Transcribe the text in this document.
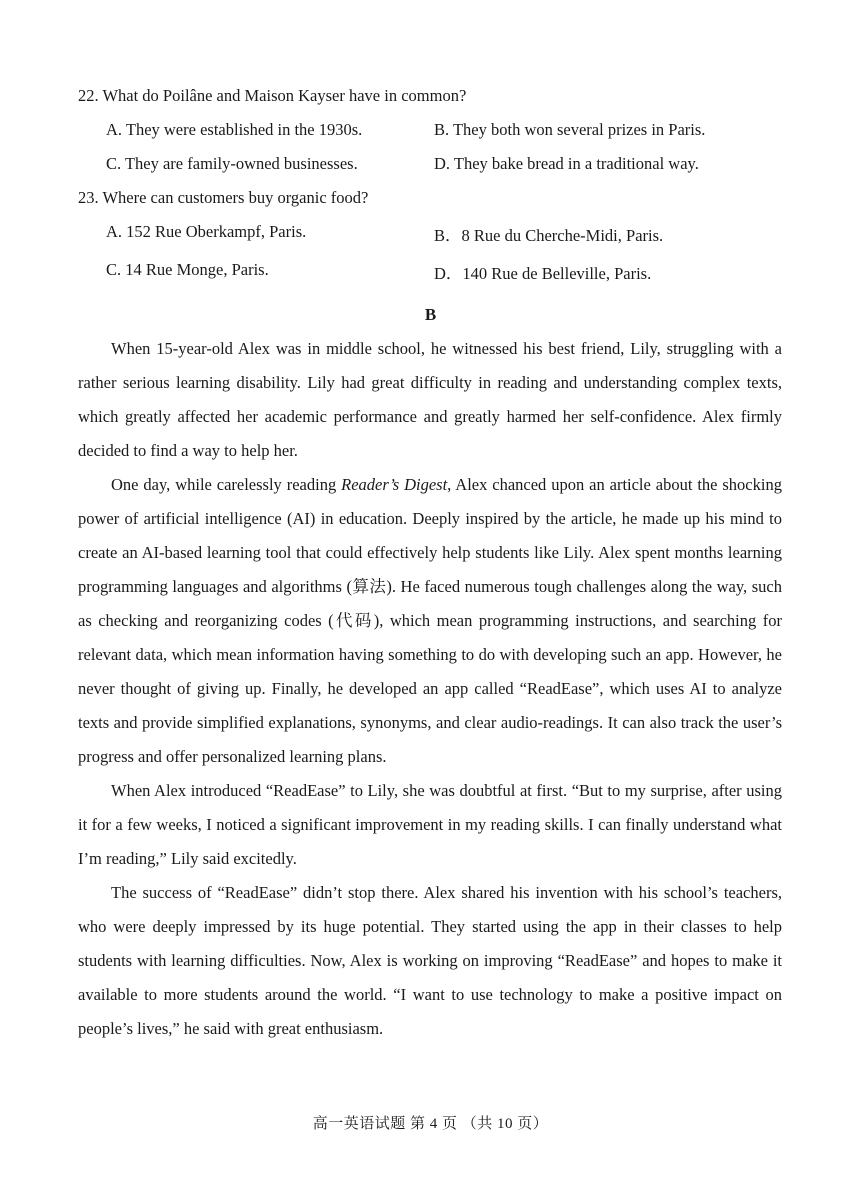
22. What do Poilâne and Maison Kayser have in common?
A. They were established in the 1930s.	B. They both won several prizes in Paris.
C. They are family-owned businesses.	D. They bake bread in a traditional way.
23. Where can customers buy organic food?
A. 152 Rue Oberkampf, Paris.	B．8 Rue du Cherche-Midi, Paris.
C. 14 Rue Monge, Paris.	D．140 Rue de Belleville, Paris.
B

When 15-year-old Alex was in middle school, he witnessed his best friend, Lily, struggling with a rather serious learning disability. Lily had great difficulty in reading and understanding complex texts, which greatly affected her academic performance and greatly harmed her self-confidence. Alex firmly decided to find a way to help her.

One day, while carelessly reading Reader’s Digest, Alex chanced upon an article about the shocking power of artificial intelligence (AI) in education. Deeply inspired by the article, he made up his mind to create an AI-based learning tool that could effectively help students like Lily. Alex spent months learning programming languages and algorithms (算法). He faced numerous tough challenges along the way, such as checking and reorganizing codes (代码), which mean programming instructions, and searching for relevant data, which mean information having something to do with developing such an app. However, he never thought of giving up. Finally, he developed an app called “ReadEase”, which uses AI to analyze texts and provide simplified explanations, synonyms, and clear audio-readings. It can also track the user’s progress and offer personalized learning plans.

When Alex introduced “ReadEase” to Lily, she was doubtful at first. “But to my surprise, after using it for a few weeks, I noticed a significant improvement in my reading skills. I can finally understand what I’m reading,” Lily said excitedly.

The success of “ReadEase” didn’t stop there. Alex shared his invention with his school’s teachers, who were deeply impressed by its huge potential. They started using the app in their classes to help students with learning difficulties. Now, Alex is working on improving “ReadEase” and hopes to make it available to more students around the world. “I want to use technology to make a positive impact on people’s lives,” he said with great enthusiasm.

高一英语试题 第 4 页 （共 10 页）
